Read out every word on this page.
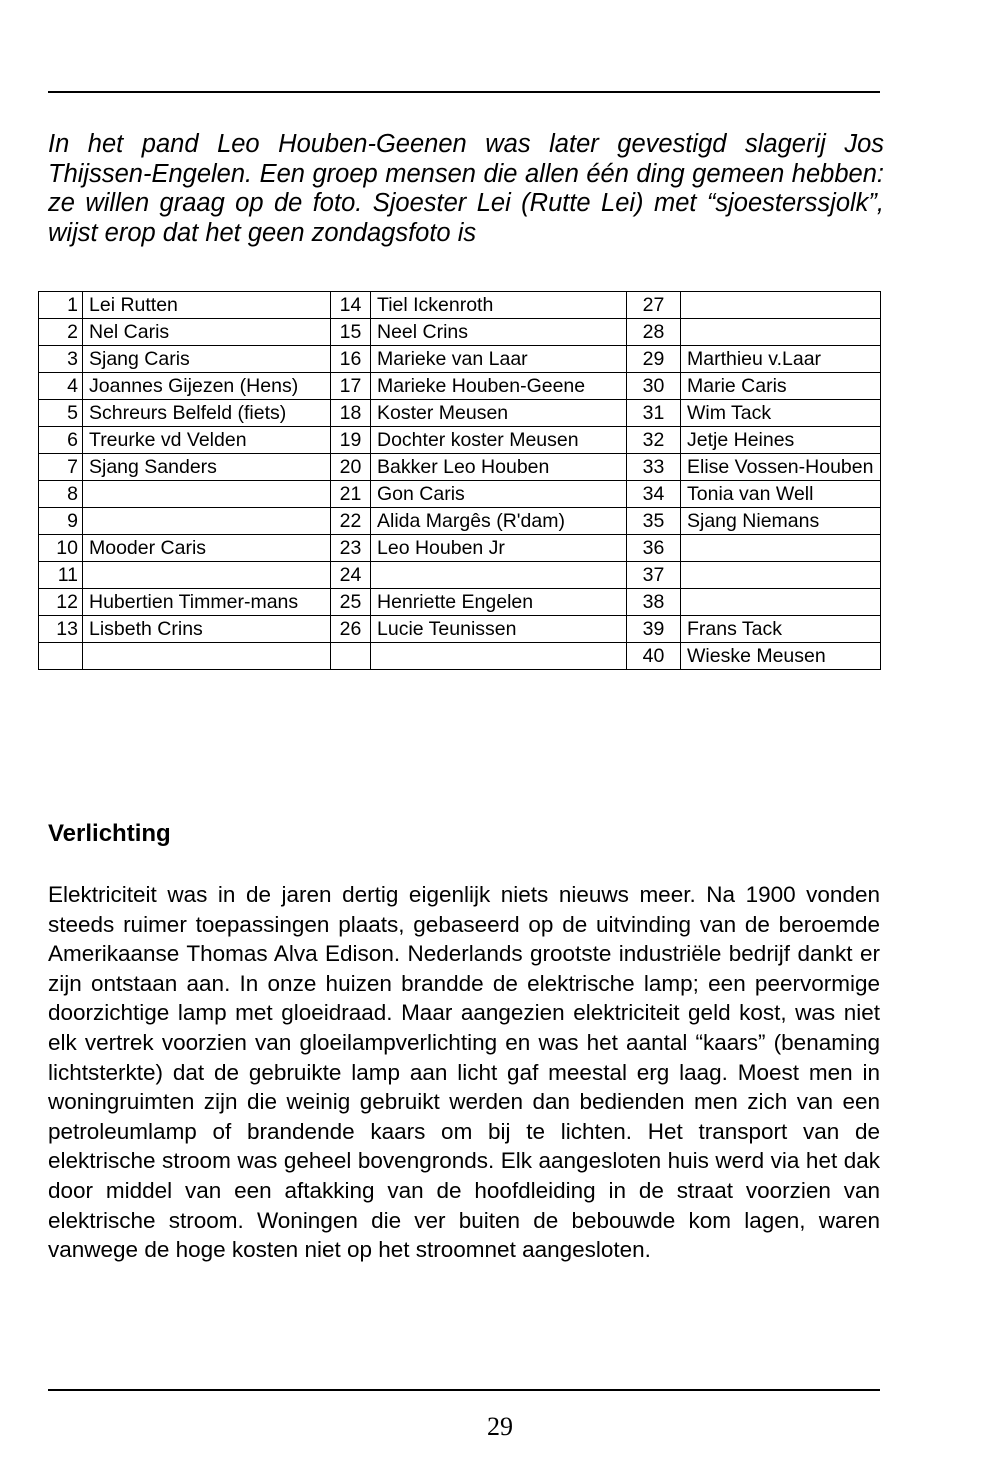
In het pand Leo Houben-Geenen was later gevestigd slagerij Jos Thijssen-Engelen. Een groep mensen die allen één ding gemeen hebben: ze willen graag op de foto. Sjoester Lei (Rutte Lei) met “sjoesterssjolk”, wijst erop dat het geen zondagsfoto is

1	Lei Rutten	14	Tiel Ickenroth	27	
2	Nel Caris	15	Neel Crins	28	
3	Sjang Caris	16	Marieke van Laar	29	Marthieu v.Laar
4	Joannes Gijezen (Hens)	17	Marieke Houben-Geene	30	Marie Caris
5	Schreurs Belfeld (fiets)	18	Koster Meusen	31	Wim Tack
6	Treurke vd Velden	19	Dochter koster Meusen	32	Jetje Heines
7	Sjang Sanders	20	Bakker Leo Houben	33	Elise Vossen-Houben
8		21	Gon Caris	34	Tonia van Well
9		22	Alida Margês (R'dam)	35	Sjang Niemans
10	Mooder Caris	23	Leo Houben Jr	36	
11		24		37	
12	Hubertien Timmer-mans	25	Henriette Engelen	38	
13	Lisbeth Crins	26	Lucie Teunissen	39	Frans Tack
				40	Wieske Meusen
Verlichting

Elektriciteit was in de jaren dertig eigenlijk niets nieuws meer. Na 1900 vonden steeds ruimer toepassingen plaats, gebaseerd op de uitvinding van de beroemde Amerikaanse Thomas Alva Edison. Nederlands grootste industriële bedrijf dankt er zijn ontstaan aan. In onze huizen brandde de elektrische lamp; een peervormige doorzichtige lamp met gloeidraad. Maar aangezien elektriciteit geld kost, was niet elk vertrek voorzien van gloeilampverlichting en was het aantal “kaars” (benaming lichtsterkte) dat de gebruikte lamp aan licht gaf meestal erg laag. Moest men in woningruimten zijn die weinig gebruikt werden dan bedienden men zich van een petroleumlamp of brandende kaars om bij te lichten. Het transport van de elektrische stroom was geheel bovengronds. Elk aangesloten huis werd via het dak door middel van een aftakking van de hoofdleiding in de straat voorzien van elektrische stroom. Woningen die ver buiten de bebouwde kom lagen, waren vanwege de hoge kosten niet op het stroomnet aangesloten.

29
